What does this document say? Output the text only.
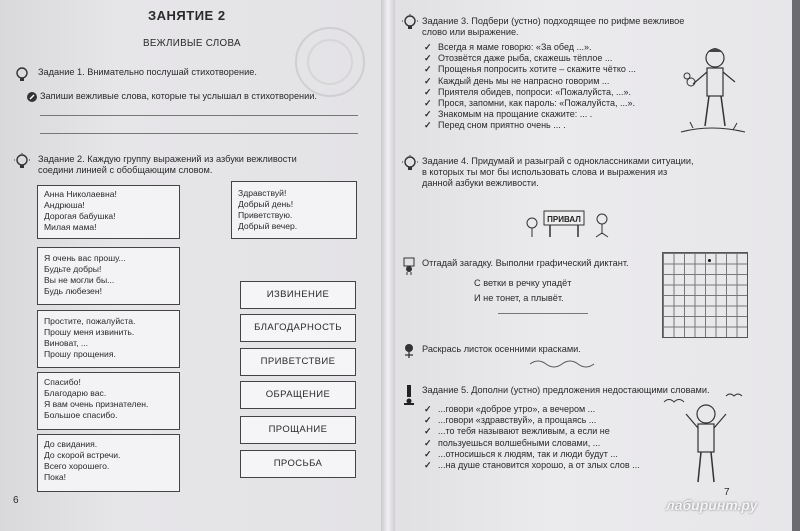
ЗАНЯТИЕ 2
ВЕЖЛИВЫЕ СЛОВА
Задание 1. Внимательно послушай стихотворение.
Запиши вежливые слова, которые ты услышал в стихотворении.
Задание 2. Каждую группу выражений из азбуки вежливости
соедини линией с обобщающим словом.
Анна Николаевна!
Андрюша!
Дорогая бабушка!
Милая мама!
Здравствуй!
Добрый день!
Приветствую.
Добрый вечер.
Я очень вас прошу...
Будьте добры!
Вы не могли бы...
Будь любезен!
Простите, пожалуйста.
Прошу меня извинить.
Виноват, ...
Прошу прощения.
Спасибо!
Благодарю вас.
Я вам очень признателен.
Большое спасибо.
До свидания.
До скорой встречи.
Всего хорошего.
Пока!
ИЗВИНЕНИЕ
БЛАГОДАРНОСТЬ
ПРИВЕТСТВИЕ
ОБРАЩЕНИЕ
ПРОЩАНИЕ
ПРОСЬБА
6
Задание 3. Подбери (устно) подходящее по рифме вежливое
слово или выражение.
✓ Всегда я маме говорю: «За обед ...».
✓ Отозвётся даже рыба, скажешь тёплое ...
✓ Прощенья попросить хотите – скажите чётко ...
✓ Каждый день мы не напрасно говорим ...
✓ Приятеля обидев, попроси: «Пожалуйста, ...».
✓ Прося, запомни, как пароль: «Пожалуйста, ...».
✓ Знакомым на прощание скажите: ... .
✓ Перед сном приятно очень ... .
Задание 4. Придумай и разыграй с одноклассниками ситуации,
в которых ты мог бы использовать слова и выражения из
данной азбуки вежливости.
ПРИВАЛ
Отгадай загадку. Выполни графический диктант.
С ветки в речку упадёт
И не тонет, а плывёт.
Раскрась листок осенними красками.
Задание 5. Дополни (устно) предложения недостающими словами.
✓ ...говори «доброе утро», а вечером ...
✓ ...говори «здравствуй», а прощаясь ...
✓ ...то тебя называют вежливым, а если не
✓ пользуешься волшебными словами, ...
✓ ...относишься к людям, так и люди будут ...
✓ ...на душе становится хорошо, а от злых слов ...
7
лабиринт.ру
